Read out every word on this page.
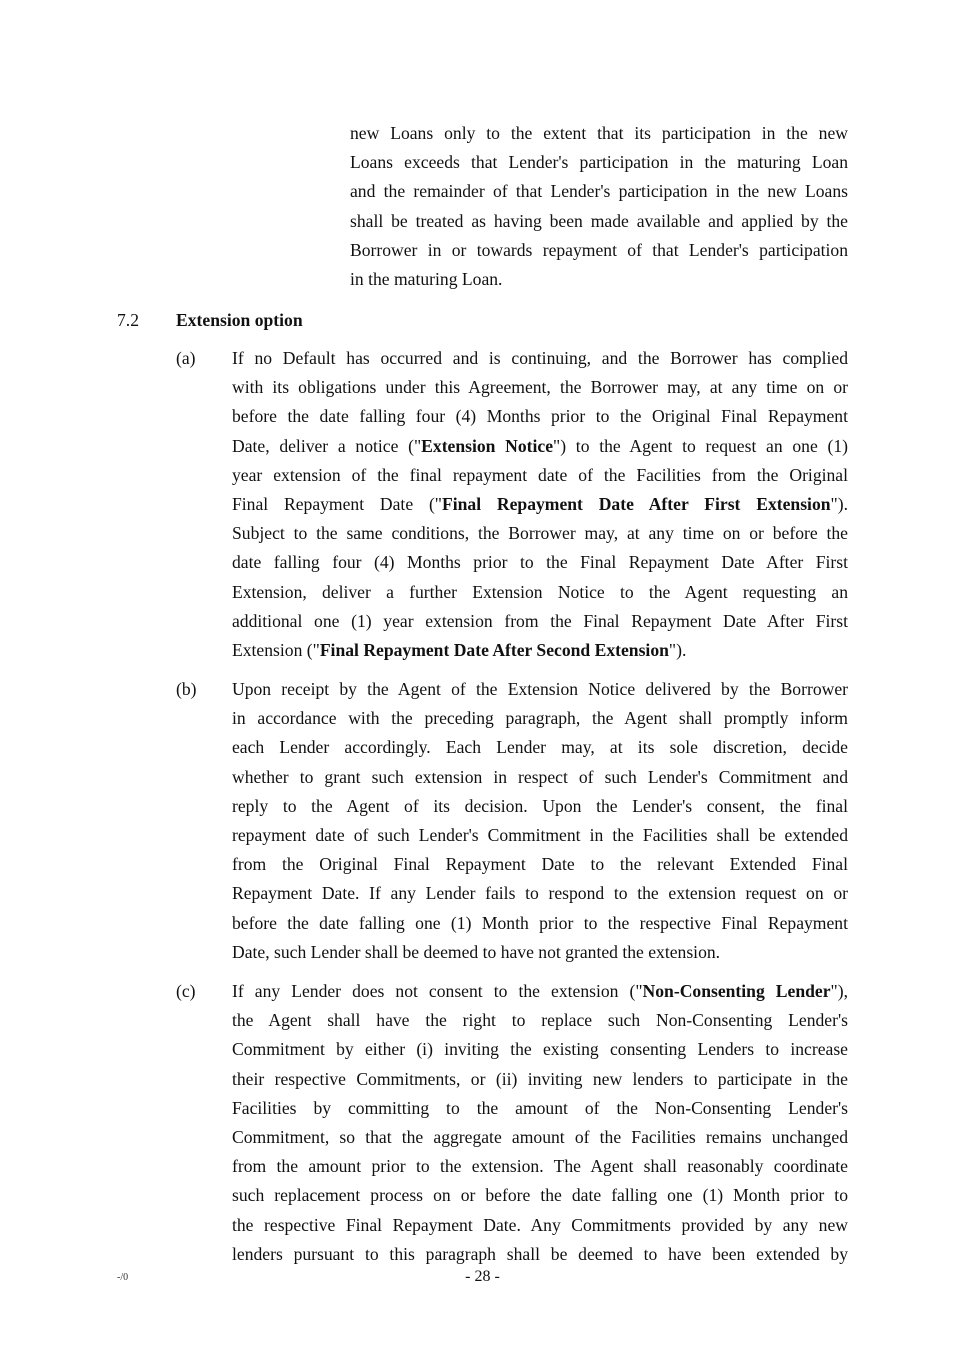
new Loans only to the extent that its participation in the new
Loans exceeds that Lender's participation in the maturing Loan
and the remainder of that Lender's participation in the new Loans
shall be treated as having been made available and applied by the
Borrower in or towards repayment of that Lender's participation
in the maturing Loan.
7.2 Extension option
(a) If no Default has occurred and is continuing, and the Borrower has complied
with its obligations under this Agreement, the Borrower may, at any time on or
before the date falling four (4) Months prior to the Original Final Repayment
Date, deliver a notice ("Extension Notice") to the Agent to request an one (1)
year extension of the final repayment date of the Facilities from the Original
Final Repayment Date ("Final Repayment Date After First Extension").
Subject to the same conditions, the Borrower may, at any time on or before the
date falling four (4) Months prior to the Final Repayment Date After First
Extension, deliver a further Extension Notice to the Agent requesting an
additional one (1) year extension from the Final Repayment Date After First
Extension ("Final Repayment Date After Second Extension").
(b) Upon receipt by the Agent of the Extension Notice delivered by the Borrower
in accordance with the preceding paragraph, the Agent shall promptly inform
each Lender accordingly. Each Lender may, at its sole discretion, decide
whether to grant such extension in respect of such Lender's Commitment and
reply to the Agent of its decision. Upon the Lender's consent, the final
repayment date of such Lender's Commitment in the Facilities shall be extended
from the Original Final Repayment Date to the relevant Extended Final
Repayment Date. If any Lender fails to respond to the extension request on or
before the date falling one (1) Month prior to the respective Final Repayment
Date, such Lender shall be deemed to have not granted the extension.
(c) If any Lender does not consent to the extension ("Non-Consenting Lender"),
the Agent shall have the right to replace such Non-Consenting Lender's
Commitment by either (i) inviting the existing consenting Lenders to increase
their respective Commitments, or (ii) inviting new lenders to participate in the
Facilities by committing to the amount of the Non-Consenting Lender's
Commitment, so that the aggregate amount of the Facilities remains unchanged
from the amount prior to the extension. The Agent shall reasonably coordinate
such replacement process on or before the date falling one (1) Month prior to
the respective Final Repayment Date. Any Commitments provided by any new
lenders pursuant to this paragraph shall be deemed to have been extended by
-/0	- 28 -
